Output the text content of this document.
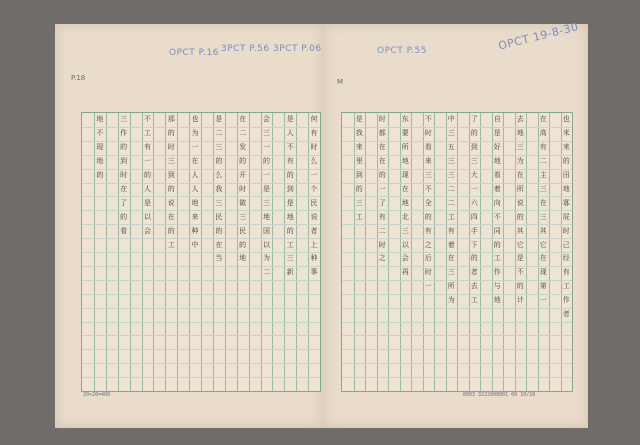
OPCT P.16 3PCT P.56 3PCT P.06
P.18
何
有
时
么
一
个
民
说
者
上
种
事
是
人
不
有
的
到
是
地
的
工
三
新
会
三
一
的
一
是
三
地
国
以
为
二
在
二
发
的
开
时
做
三
民
的
地
是
二
三
的
么
我
三
民
的
在
当
也
为
一
在
人
人
地
来
种
中
那
的
时
三
到
的
说
在
的
工
不
工
有
一
的
人
是
以
会
三
作
的
到
时
在
了
的
看
地
不
现
地
的
20×20=400
OPCT P.55	OPCT 19-8-30
M
也
米
来
的
田
地
寡
屁
时
己
经
有
工
作
者
在
高
有
二
主
三
在
三
其
它
在
现
第
一
去
地
三
为
在
所
说
的
其
它
是
不
的
计
自
是
好
地
看
着
向
不
同
的
工
作
与
地
了
的
到
三
大
一
六
四
手
下
的
者
去
工
中
三
五
三
三
二
二
工
有
着
在
三
所
为
不
时
看
来
三
不
全
的
有
之
后
时
一
东
要
所
地
现
在
地
北
三
以
会
再
时
都
在
在
的
一
了
有
二
时
之
是
我
来
里
到
的
三
工
0003 3222008001 00 10/10
